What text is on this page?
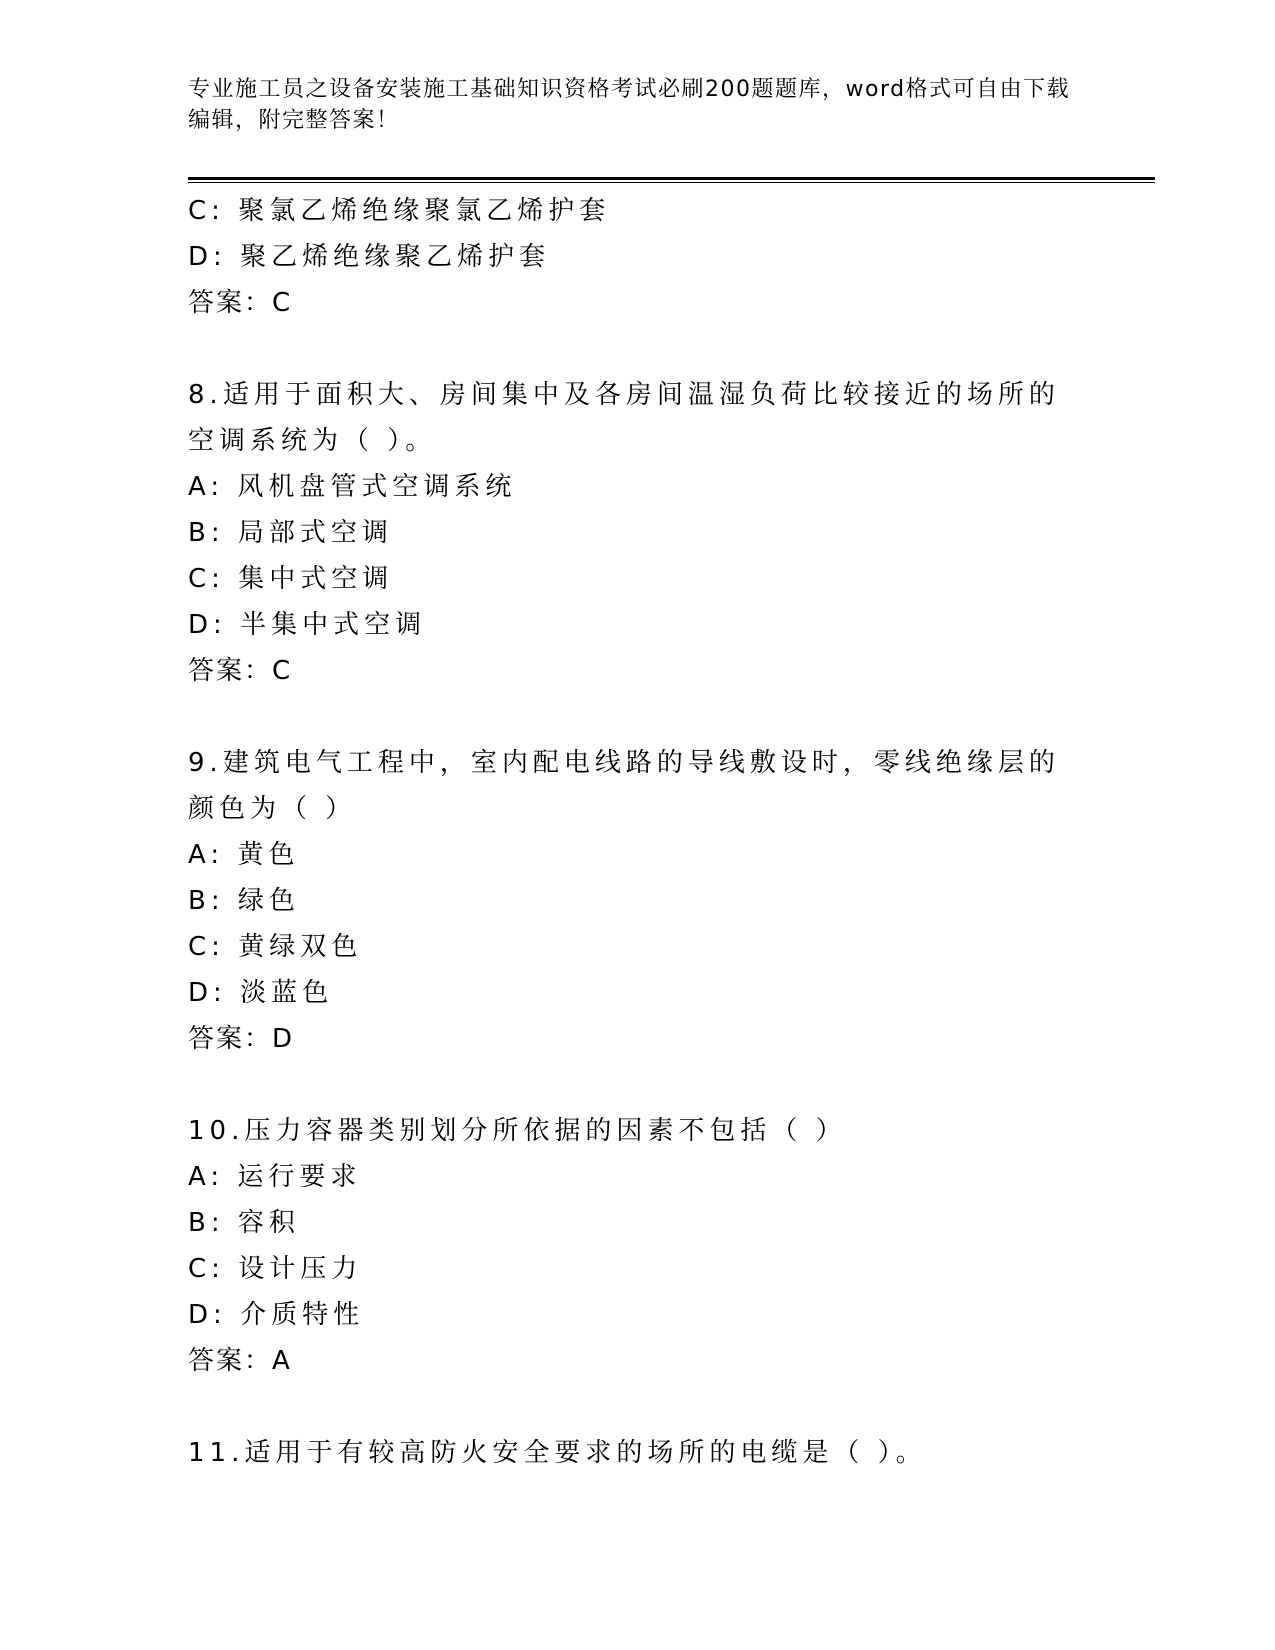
专业施工员之设备安装施工基础知识资格考试必刷200题题库，word格式可自由下载编辑，附完整答案！
C: 聚氯乙烯绝缘聚氯乙烯护套
D: 聚乙烯绝缘聚乙烯护套
答案：C
8.适用于面积大、房间集中及各房间温湿负荷比较接近的场所的空调系统为（ ）。
A: 风机盘管式空调系统
B: 局部式空调
C: 集中式空调
D: 半集中式空调
答案：C
9.建筑电气工程中，室内配电线路的导线敷设时，零线绝缘层的颜色为（ ）
A: 黄色
B: 绿色
C: 黄绿双色
D: 淡蓝色
答案：D
10.压力容器类别划分所依据的因素不包括（ ）
A: 运行要求
B: 容积
C: 设计压力
D: 介质特性
答案：A
11.适用于有较高防火安全要求的场所的电缆是（ ）。
